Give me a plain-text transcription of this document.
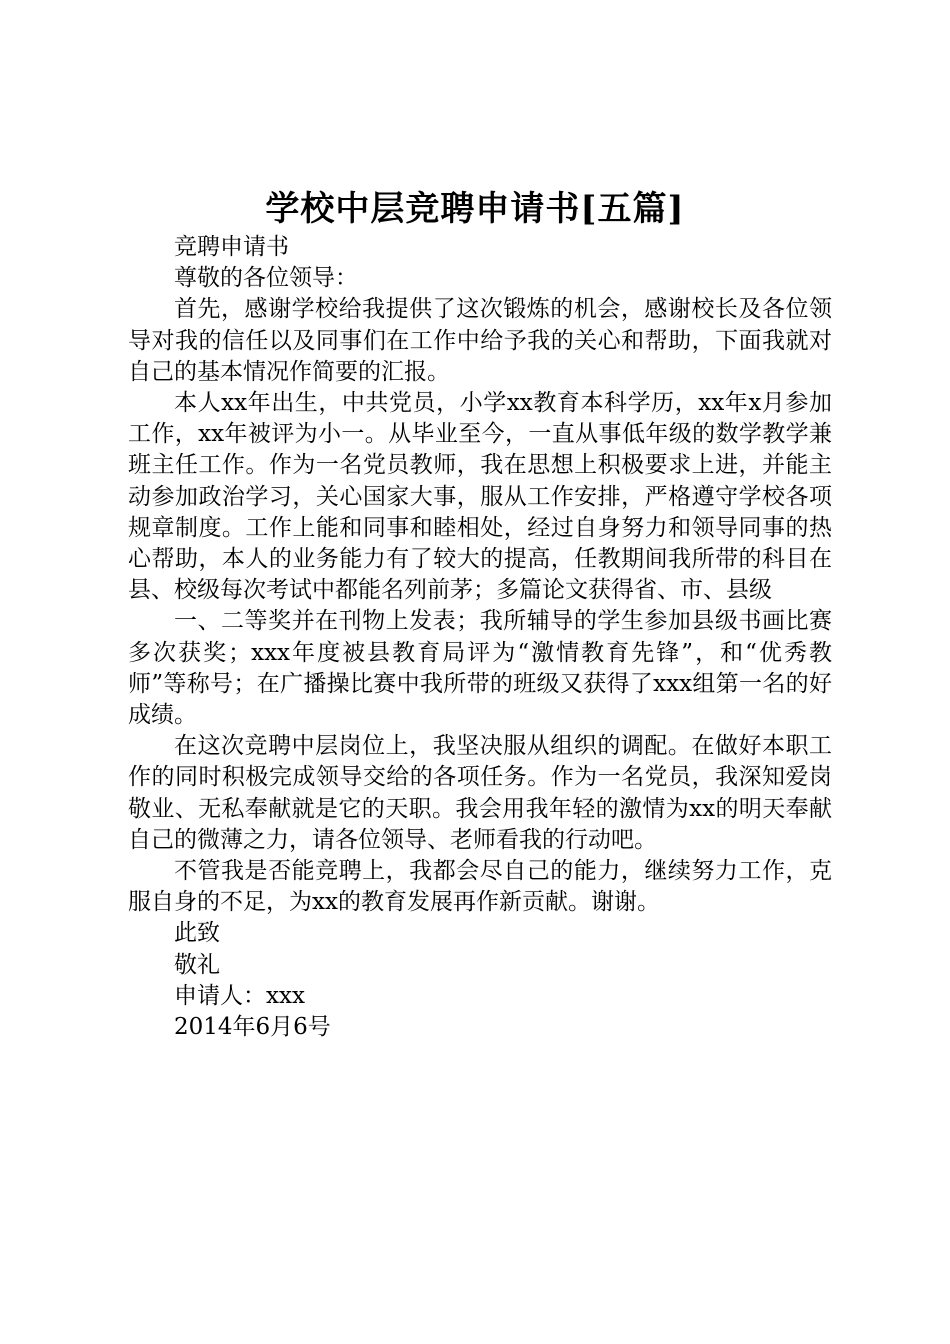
学校中层竞聘申请书[五篇]

竞聘申请书

尊敬的各位领导：

首先，感谢学校给我提供了这次锻炼的机会，感谢校长及各位领导对我的信任以及同事们在工作中给予我的关心和帮助，下面我就对自己的基本情况作简要的汇报。

本人xx年出生，中共党员，小学xx教育本科学历，xx年x月参加工作，xx年被评为小一。从毕业至今，一直从事低年级的数学教学兼班主任工作。作为一名党员教师，我在思想上积极要求上进，并能主动参加政治学习，关心国家大事，服从工作安排，严格遵守学校各项规章制度。工作上能和同事和睦相处，经过自身努力和领导同事的热心帮助，本人的业务能力有了较大的提高，任教期间我所带的科目在县、校级每次考试中都能名列前茅；多篇论文获得省、市、县级

一、二等奖并在刊物上发表；我所辅导的学生参加县级书画比赛多次获奖；xxx年度被县教育局评为“激情教育先锋”，和“优秀教师”等称号；在广播操比赛中我所带的班级又获得了xxx组第一名的好成绩。

在这次竞聘中层岗位上，我坚决服从组织的调配。在做好本职工作的同时积极完成领导交给的各项任务。作为一名党员，我深知爱岗敬业、无私奉献就是它的天职。我会用我年轻的激情为xx的明天奉献自己的微薄之力，请各位领导、老师看我的行动吧。

不管我是否能竞聘上，我都会尽自己的能力，继续努力工作，克服自身的不足，为xx的教育发展再作新贡献。谢谢。

此致

敬礼

申请人：xxx

2014年6月6号
